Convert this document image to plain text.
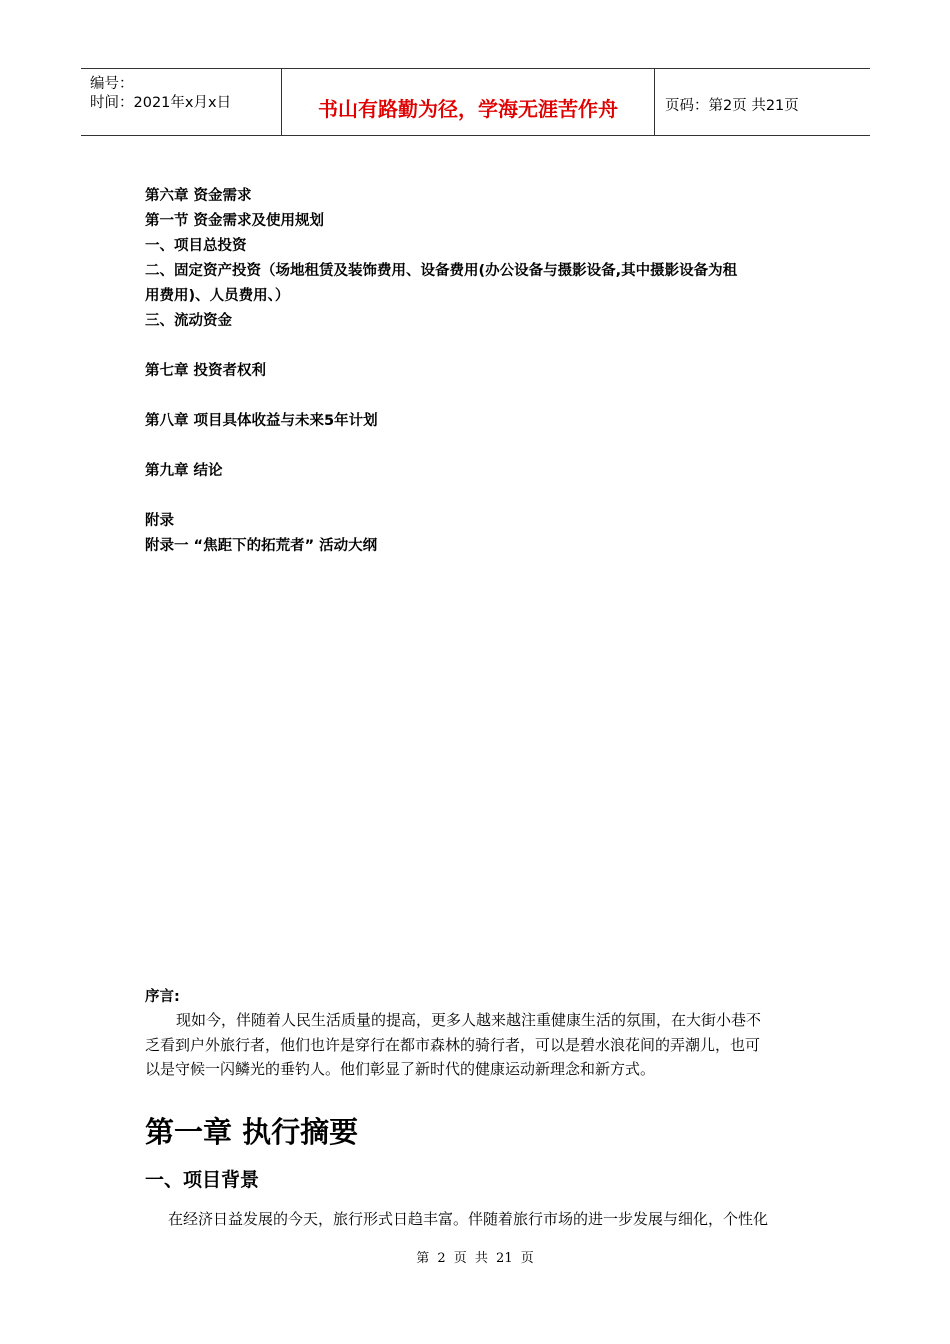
编号：
时间：2021年x月x日	书山有路勤为径，学海无涯苦作舟	页码：第2页 共21页
第六章 资金需求
第一节 资金需求及使用规划
一、项目总投资
二、固定资产投资（场地租赁及装饰费用、设备费用(办公设备与摄影设备,其中摄影设备为租
用费用)、人员费用、）
三、流动资金
第七章 投资者权利
第八章 项目具体收益与未来5年计划
第九章 结论
附录
附录一 “焦距下的拓荒者” 活动大纲
序言:
现如今，伴随着人民生活质量的提高，更多人越来越注重健康生活的氛围，在大街小巷不
乏看到户外旅行者，他们也许是穿行在都市森林的骑行者，可以是碧水浪花间的弄潮儿，也可
以是守候一闪鳞光的垂钓人。他们彰显了新时代的健康运动新理念和新方式。
第一章 执行摘要
一、项目背景
在经济日益发展的今天，旅行形式日趋丰富。伴随着旅行市场的进一步发展与细化，个性化
第 2 页 共 21 页
